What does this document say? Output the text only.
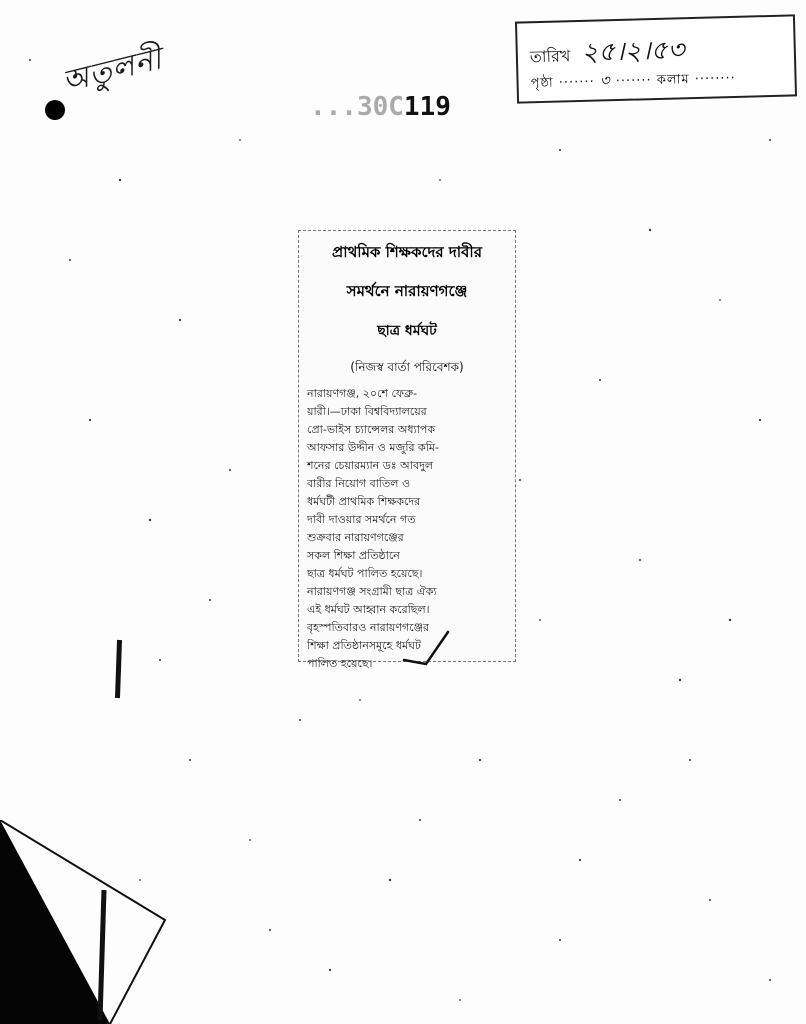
অতুলনী
...30C119
তারিখ ২৫।২।৫৩
পৃষ্ঠা ······· ৩ ······· কলাম ········
প্রাথমিক শিক্ষকদের দাবীর
সমর্থনে নারায়ণগঞ্জে
ছাত্র ধর্মঘট
(নিজস্ব বার্তা পরিবেশক)
নারায়ণগঞ্জ, ২০শে ফেব্রু-
য়ারী।—ঢাকা বিশ্ববিদ্যালয়ের
প্রো-ভাইস চ্যান্সেলর অধ্যাপক
আফসার উদ্দীন ও মজুরি কমি-
শনের চেয়ারম্যান ডঃ আবদুল
বারীর নিয়োগ বাতিল ও
ধর্মঘটী প্রাথমিক শিক্ষকদের
দাবী দাওয়ার সমর্থনে গত
শুক্রবার নারায়ণগঞ্জের
সকল শিক্ষা প্রতিষ্ঠানে
ছাত্র ধর্মঘট পালিত হয়েছে।
নারায়ণগঞ্জ সংগ্রামী ছাত্র ঐক্য
এই ধর্মঘট আহ্বান করেছিল।
বৃহস্পতিবারও নারায়ণগঞ্জের
শিক্ষা প্রতিষ্ঠানসমূহে ধর্মঘট
পালিত হয়েছে।
